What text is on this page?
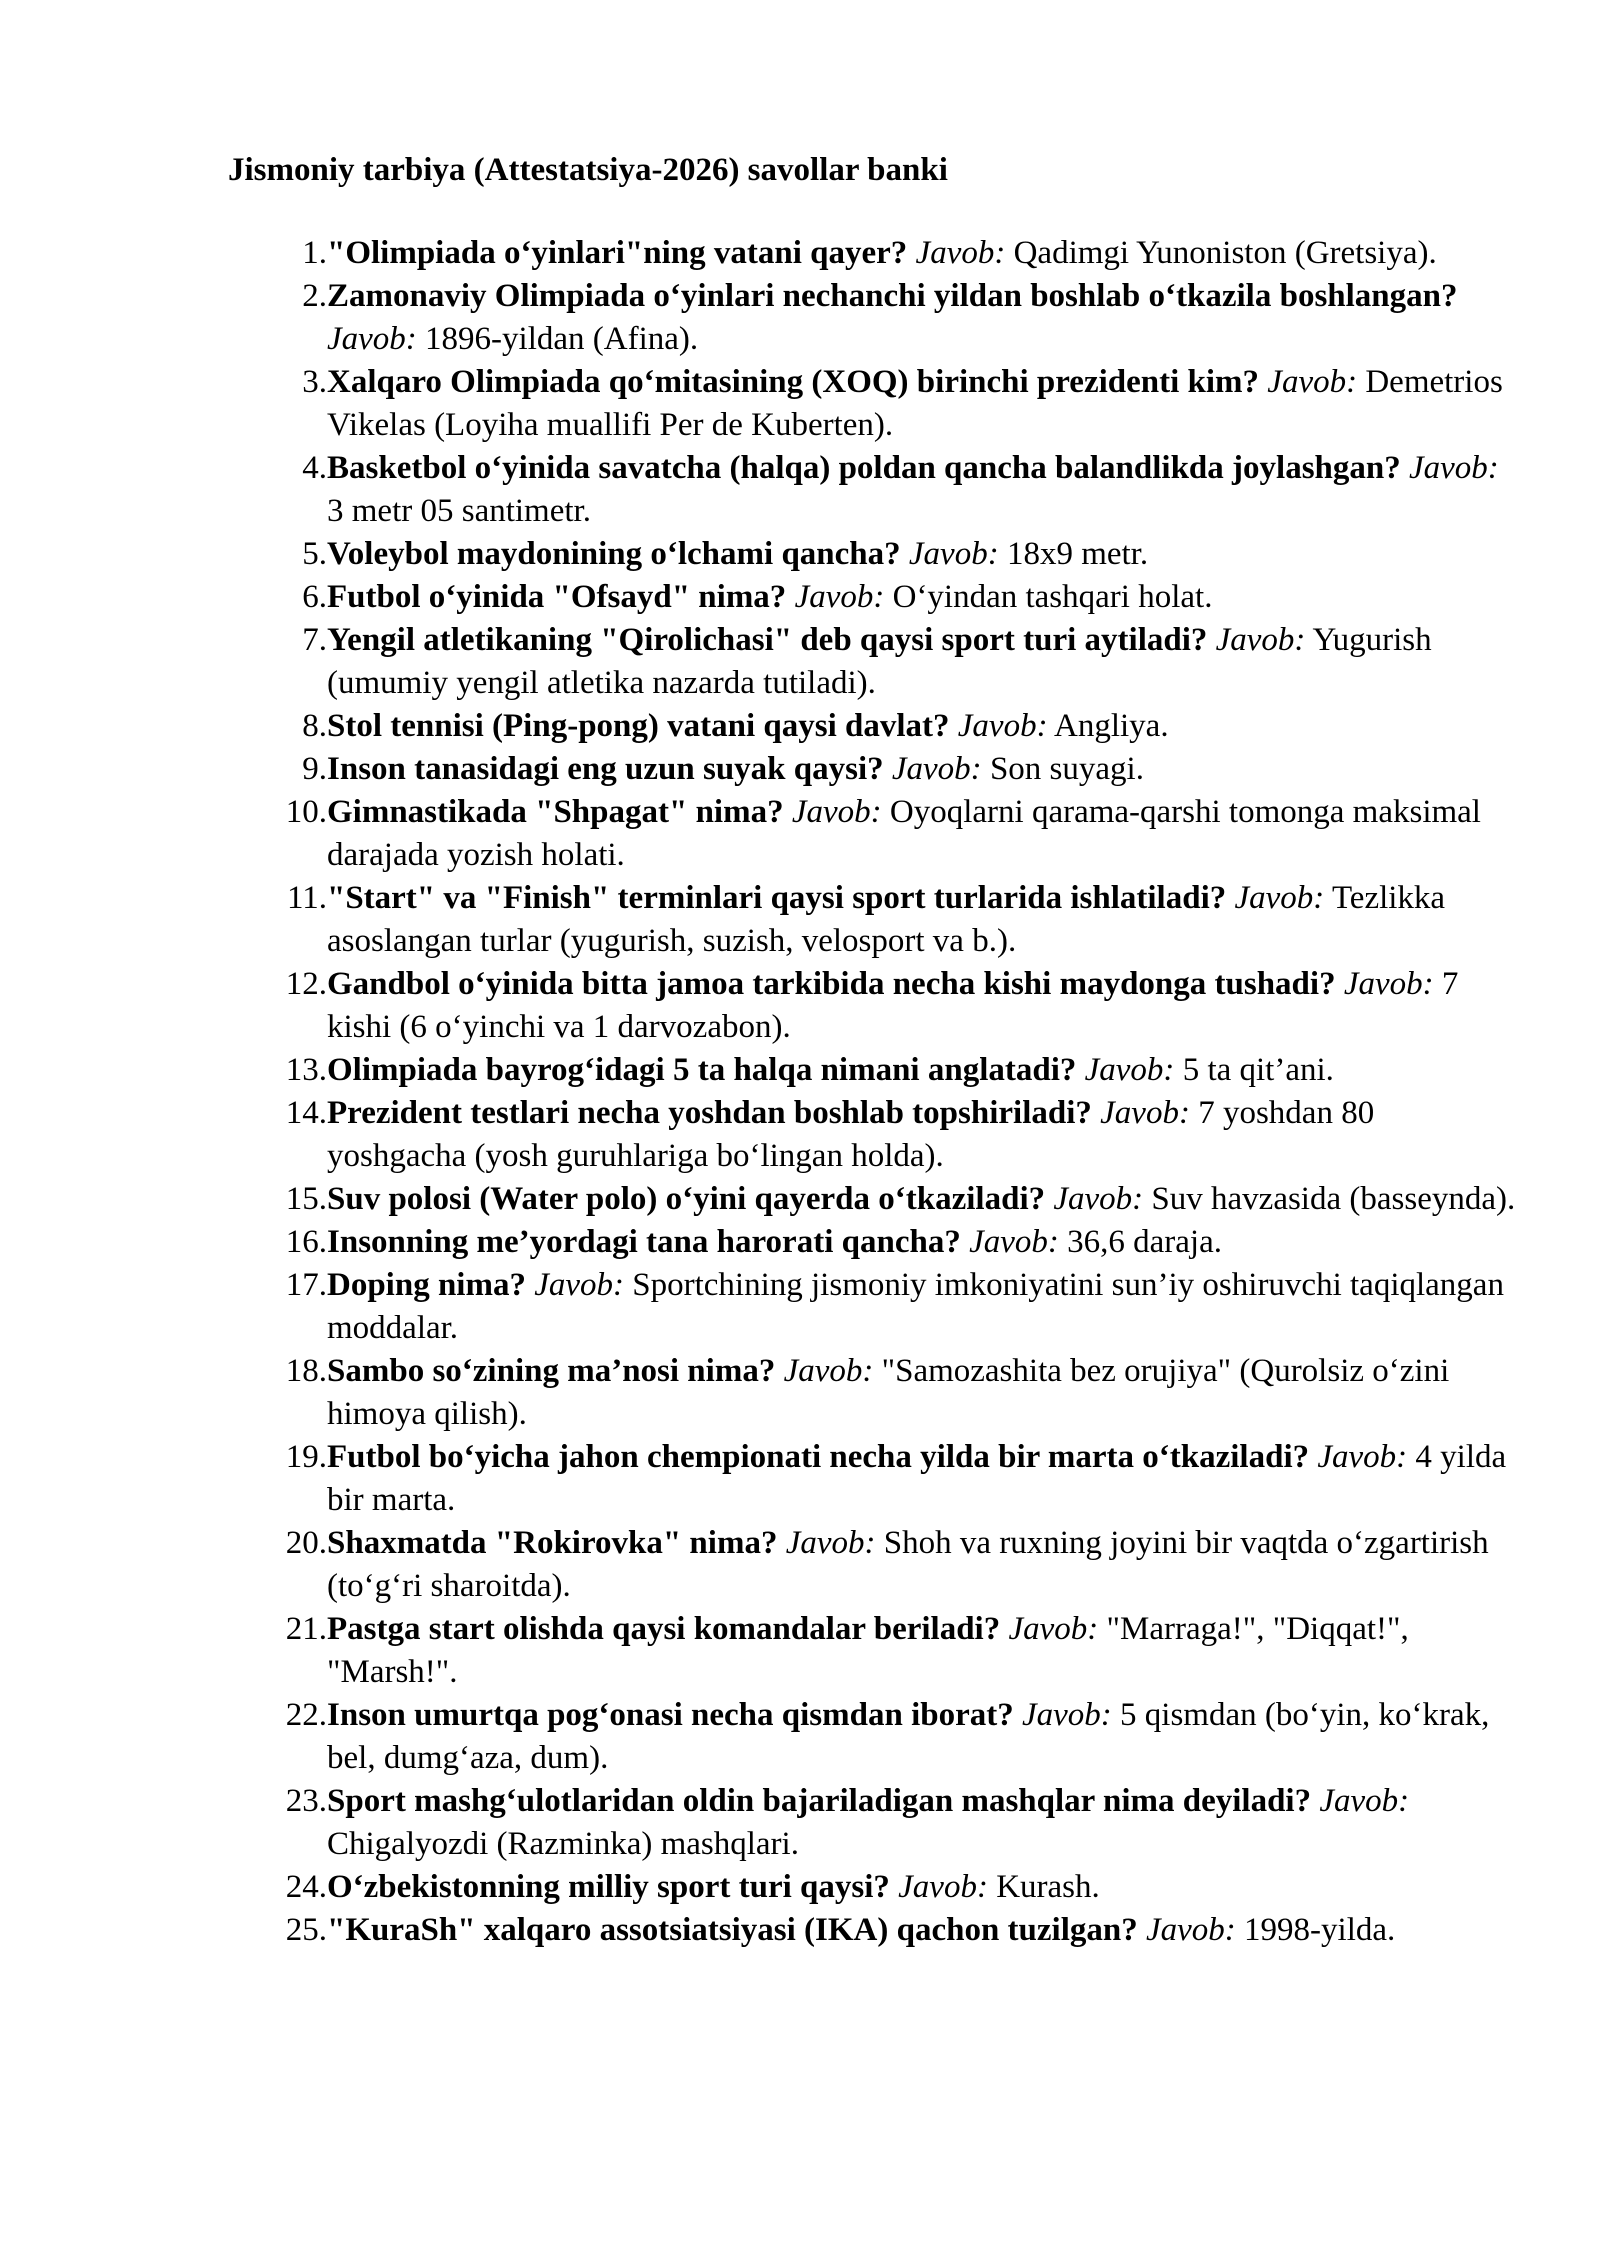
Jismoniy tarbiya (Attestatsiya-2026) savollar banki
1. "Olimpiada o‘yinlari"ning vatani qayer? Javob: Qadimgi Yunoniston (Gretsiya).
2. Zamonaviy Olimpiada o‘yinlari nechanchi yildan boshlab o‘tkazila boshlangan? Javob: 1896-yildan (Afina).
3. Xalqaro Olimpiada qo‘mitasining (XOQ) birinchi prezidenti kim? Javob: Demetrios Vikelas (Loyiha muallifi Per de Kuberten).
4. Basketbol o‘yinida savatcha (halqa) poldan qancha balandlikda joylashgan? Javob: 3 metr 05 santimetr.
5. Voleybol maydonining o‘lchami qancha? Javob: 18x9 metr.
6. Futbol o‘yinida "Ofsayd" nima? Javob: O‘yindan tashqari holat.
7. Yengil atletikaning "Qirolichasi" deb qaysi sport turi aytiladi? Javob: Yugurish (umumiy yengil atletika nazarda tutiladi).
8. Stol tennisi (Ping-pong) vatani qaysi davlat? Javob: Angliya.
9. Inson tanasidagi eng uzun suyak qaysi? Javob: Son suyagi.
10. Gimnastikada "Shpagat" nima? Javob: Oyoqlarni qarama-qarshi tomonga maksimal darajada yozish holati.
11. "Start" va "Finish" terminlari qaysi sport turlarida ishlatiladi? Javob: Tezlikka asoslangan turlar (yugurish, suzish, velosport va b.).
12. Gandbol o‘yinida bitta jamoa tarkibida necha kishi maydonga tushadi? Javob: 7 kishi (6 o‘yinchi va 1 darvozabon).
13. Olimpiada bayrog‘idagi 5 ta halqa nimani anglatadi? Javob: 5 ta qit’ani.
14. Prezident testlari necha yoshdan boshlab topshiriladi? Javob: 7 yoshdan 80 yoshgacha (yosh guruhlariga bo‘lingan holda).
15. Suv polosi (Water polo) o‘yini qayerda o‘tkaziladi? Javob: Suv havzasida (basseynda).
16. Insonning me’yordagi tana harorati qancha? Javob: 36,6 daraja.
17. Doping nima? Javob: Sportchining jismoniy imkoniyatini sun’iy oshiruvchi taqiqlangan moddalar.
18. Sambo so‘zining ma’nosi nima? Javob: "Samozashita bez orujiya" (Qurolsiz o‘zini himoya qilish).
19. Futbol bo‘yicha jahon chempionati necha yilda bir marta o‘tkaziladi? Javob: 4 yilda bir marta.
20. Shaxmatda "Rokirovka" nima? Javob: Shoh va ruxning joyini bir vaqtda o‘zgartirish (to‘g‘ri sharoitda).
21. Pastga start olishda qaysi komandalar beriladi? Javob: "Marraga!", "Diqqat!", "Marsh!".
22. Inson umurtqa pog‘onasi necha qismdan iborat? Javob: 5 qismdan (bo‘yin, ko‘krak, bel, dumg‘aza, dum).
23. Sport mashg‘ulotlaridan oldin bajariladigan mashqlar nima deyiladi? Javob: Chigalyozdi (Razminka) mashqlari.
24. O‘zbekistonning milliy sport turi qaysi? Javob: Kurash.
25. "KuraSh" xalqaro assotsiatsiyasi (IKA) qachon tuzilgan? Javob: 1998-yilda.
